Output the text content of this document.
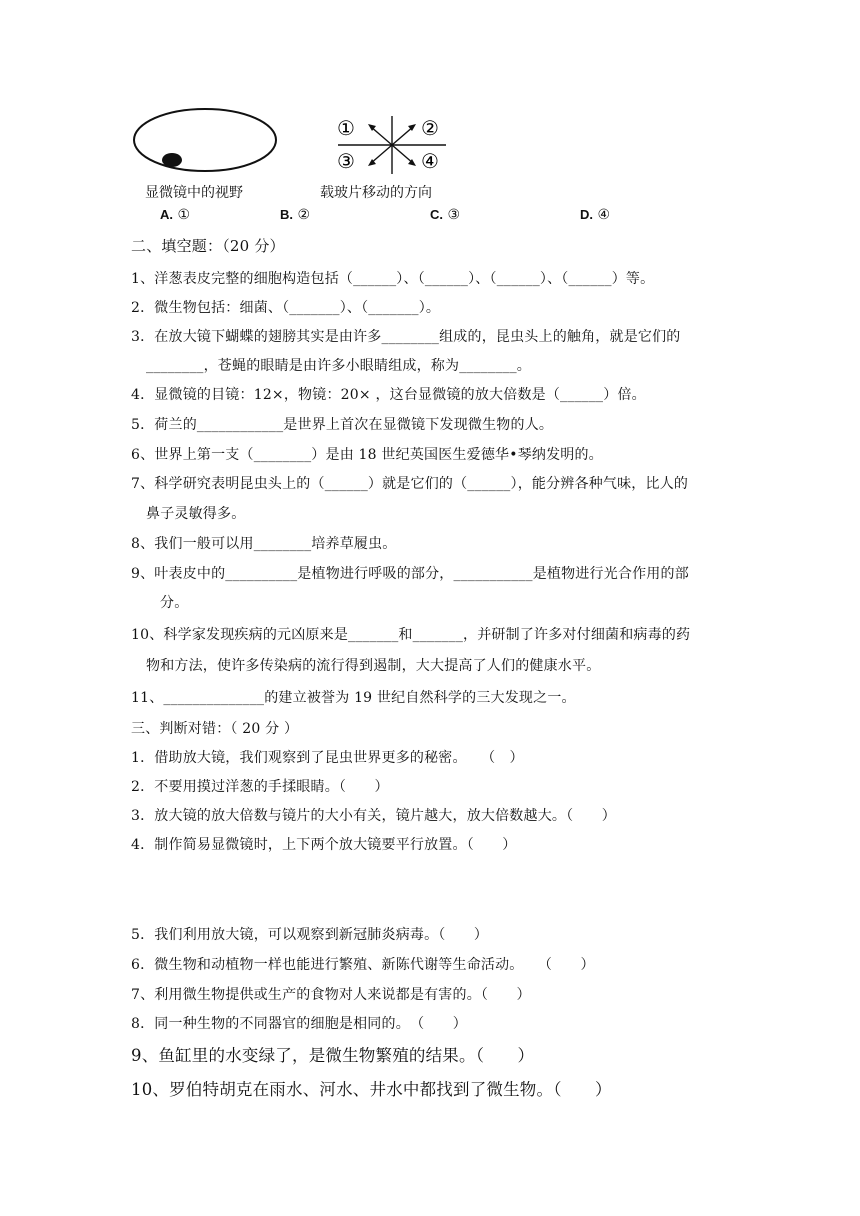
显微镜中的视野
①	②
③	④
载玻片移动的方向
A. ①	B. ②	C. ③	D. ④
二、填空题：（20 分）
1、洋葱表皮完整的细胞构造包括（______）、（______）、（______）、（______）等。
2．微生物包括：细菌、（_______）、（_______）。
3．在放大镜下蝴蝶的翅膀其实是由许多________组成的，昆虫头上的触角，就是它们的
________，苍蝇的眼睛是由许多小眼睛组成，称为________。
4．显微镜的目镜：12×，物镜：20× ，这台显微镜的放大倍数是（______）倍。
5．荷兰的____________是世界上首次在显微镜下发现微生物的人。
6、世界上第一支（________）是由 18 世纪英国医生爱德华•琴纳发明的。
7、科学研究表明昆虫头上的（______）就是它们的（______），能分辨各种气味，比人的
鼻子灵敏得多。
8、我们一般可以用________培养草履虫。
9、叶表皮中的__________是植物进行呼吸的部分，___________是植物进行光合作用的部
分。
10、科学家发现疾病的元凶原来是_______和_______，并研制了许多对付细菌和病毒的药
物和方法，使许多传染病的流行得到遏制，大大提高了人们的健康水平。
11、______________的建立被誉为 19 世纪自然科学的三大发现之一。
三、判断对错：（ 20 分 ）
1．借助放大镜，我们观察到了昆虫世界更多的秘密。　　（　）
2．不要用摸过洋葱的手揉眼睛。（　　）
3．放大镜的放大倍数与镜片的大小有关，镜片越大，放大倍数越大。（　　）
4．制作简易显微镜时，上下两个放大镜要平行放置。（　　）
5．我们利用放大镜，可以观察到新冠肺炎病毒。（　　）
6．微生物和动植物一样也能进行繁殖、新陈代谢等生命活动。　　（　　）
7、利用微生物提供或生产的食物对人来说都是有害的。（　　）
8．同一种生物的不同器官的细胞是相同的。　（　　）
9、鱼缸里的水变绿了，是微生物繁殖的结果。（　　）
10、罗伯特胡克在雨水、河水、井水中都找到了微生物。（　　）
